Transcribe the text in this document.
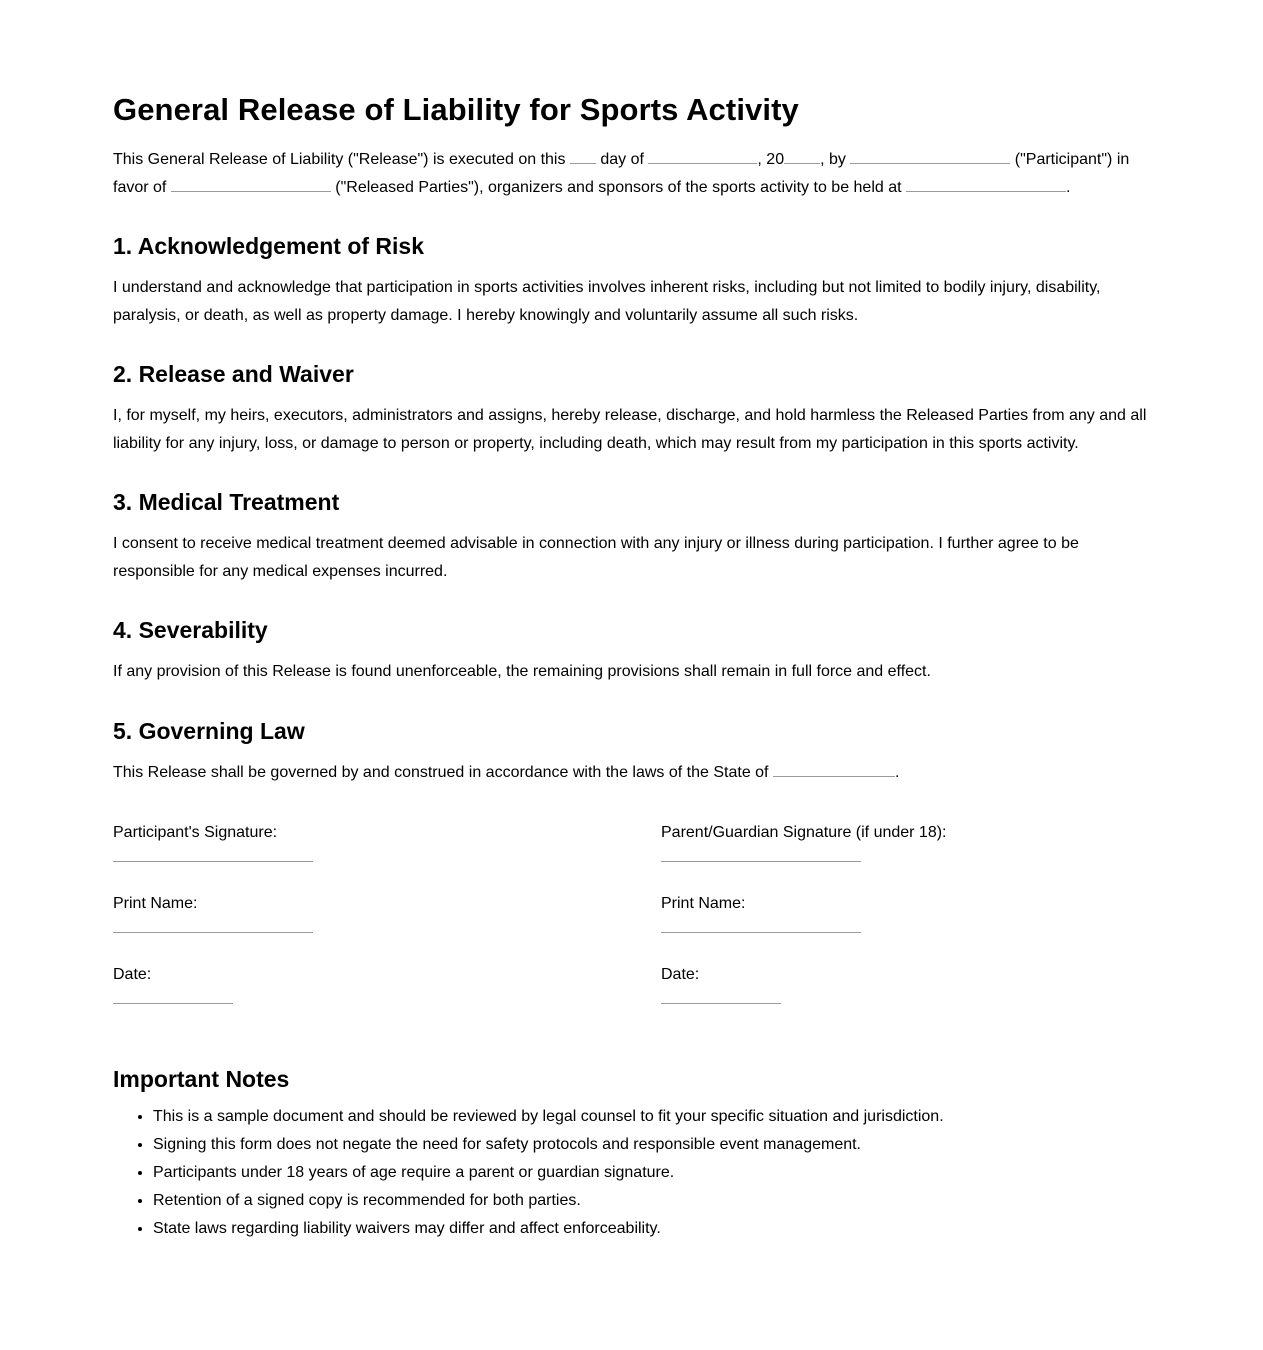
General Release of Liability for Sports Activity

This General Release of Liability ("Release") is executed on this  day of	, 20 , by	("Participant") in favor of	("Released Parties"), organizers and sponsors of the sports activity to be held at	.

1. Acknowledgement of Risk

I understand and acknowledge that participation in sports activities involves inherent risks, including but not limited to bodily injury, disability, paralysis, or death, as well as property damage. I hereby knowingly and voluntarily assume all such risks.

2. Release and Waiver

I, for myself, my heirs, executors, administrators and assigns, hereby release, discharge, and hold harmless the Released Parties from any and all liability for any injury, loss, or damage to person or property, including death, which may result from my participation in this sports activity.

3. Medical Treatment

I consent to receive medical treatment deemed advisable in connection with any injury or illness during participation. I further agree to be responsible for any medical expenses incurred.

4. Severability

If any provision of this Release is found unenforceable, the remaining provisions shall remain in full force and effect.

5. Governing Law

This Release shall be governed by and construed in accordance with the laws of the State of	.

Participant's Signature:
Print Name:
Date:
Parent/Guardian Signature (if under 18):
Print Name:
Date:
Important Notes
• This is a sample document and should be reviewed by legal counsel to fit your specific situation and jurisdiction.
• Signing this form does not negate the need for safety protocols and responsible event management.
• Participants under 18 years of age require a parent or guardian signature.
• Retention of a signed copy is recommended for both parties.
• State laws regarding liability waivers may differ and affect enforceability.
